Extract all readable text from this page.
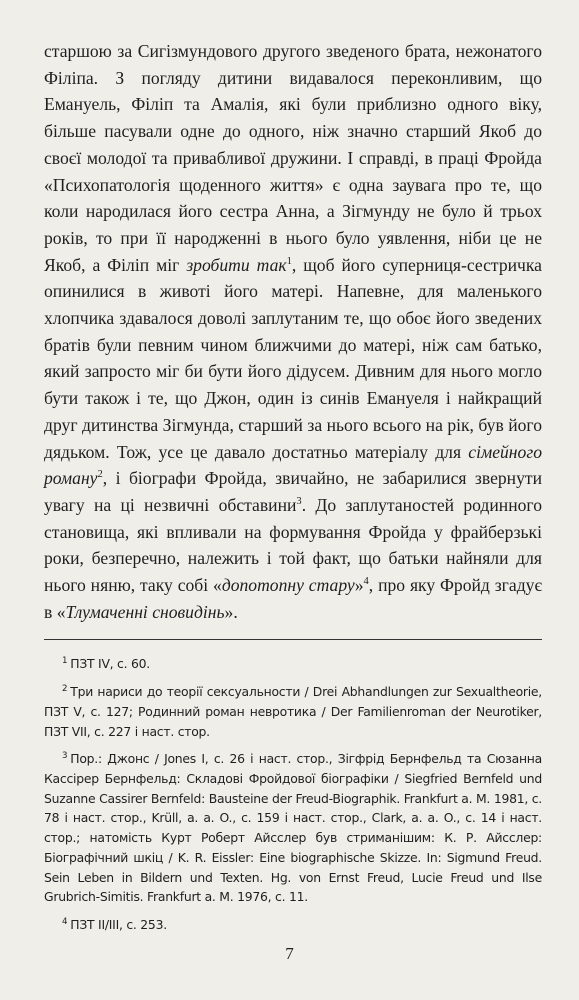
старшою за Сигізмундового другого зведеного брата, нежонатого Філіпа. З погляду дитини видавалося переконливим, що Емануель, Філіп та Амалія, які були приблизно одного віку, більше пасували одне до одного, ніж значно старший Якоб до своєї молодої та привабливої дружини. І справді, в праці Фройда «Психопатологія щоденного життя» є одна заувага про те, що коли народилася його сестра Анна, а Зігмунду не було й трьох років, то при її народженні в нього було уявлення, ніби це не Якоб, а Філіп міг зробити так$^1$, щоб його суперниця-сестричка опинилися в животі його матері. Напевне, для маленького хлопчика здавалося доволі заплутаним те, що обоє його зведених братів були певним чином ближчими до матері, ніж сам батько, який запросто міг би бути його дідусем. Дивним для нього могло бути також і те, що Джон, один із синів Емануеля і найкращий друг дитинства Зігмунда, старший за нього всього на рік, був його дядьком. Тож, усе це давало достатньо матеріалу для сімейного роману$^2$, і біографи Фройда, звичайно, не забарилися звернути увагу на ці незвичні обставини$^3$. До заплутаностей родинного становища, які впливали на формування Фройда у фрайберзькі роки, безперечно, належить і той факт, що батьки найняли для нього няню, таку собі «допотопну стару»$^4$, про яку Фройд згадує в «Тлумаченні сновидінь».

$^1$ ПЗТ IV, с. 60.

$^2$ Три нариси до теорії сексуальности / Drei Abhandlungen zur Sexualtheorie, ПЗТ V, с. 127; Родинний роман невротика / Der Familienroman der Neurotiker, ПЗТ VII, с. 227 і наст. стор.

$^3$ Пор.: Джонс / Jones I, с. 26 і наст. стор., Зігфрід Бернфельд та Сюзанна Кассірер Бернфельд: Складові Фройдової біографіки / Siegfried Bernfeld und Suzanne Cassirer Bernfeld: Bausteine der Freud-Biographik. Frankfurt a. M. 1981, с. 78 і наст. стор., Krüll, a. a. O., с. 159 і наст. стор., Clark, a. a. O., с. 14 і наст. стор.; натомість Курт Роберт Айсслер був стриманішим: К. Р. Айсслер: Біографічний шкіц / K. R. Eissler: Eine biographische Skizze. In: Sigmund Freud. Sein Leben in Bildern und Texten. Hg. von Ernst Freud, Lucie Freud und Ilse Grubrich-Simitis. Frankfurt a. M. 1976, с. 11.

$^4$ ПЗТ II/III, с. 253.

7
